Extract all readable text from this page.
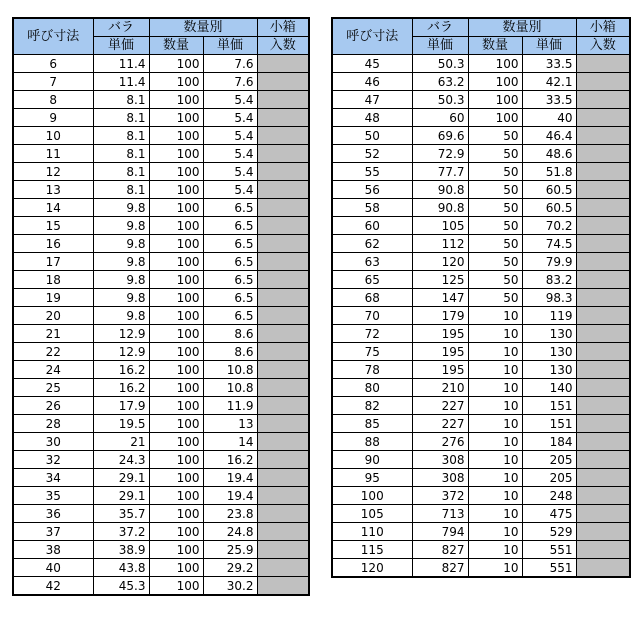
呼び寸法	バラ	数量別		小箱
	単価	数量	単価	入数
6	11.4	100	7.6	
7	11.4	100	7.6	
8	8.1	100	5.4	
9	8.1	100	5.4	
10	8.1	100	5.4	
11	8.1	100	5.4	
12	8.1	100	5.4	
13	8.1	100	5.4	
14	9.8	100	6.5	
15	9.8	100	6.5	
16	9.8	100	6.5	
17	9.8	100	6.5	
18	9.8	100	6.5	
19	9.8	100	6.5	
20	9.8	100	6.5	
21	12.9	100	8.6	
22	12.9	100	8.6	
24	16.2	100	10.8	
25	16.2	100	10.8	
26	17.9	100	11.9	
28	19.5	100	13	
30	21	100	14	
32	24.3	100	16.2	
34	29.1	100	19.4	
35	29.1	100	19.4	
36	35.7	100	23.8	
37	37.2	100	24.8	
38	38.9	100	25.9	
40	43.8	100	29.2	
42	45.3	100	30.2	
呼び寸法	バラ	数量別		小箱
	単価	数量	単価	入数
45	50.3	100	33.5	
46	63.2	100	42.1	
47	50.3	100	33.5	
48	60	100	40	
50	69.6	50	46.4	
52	72.9	50	48.6	
55	77.7	50	51.8	
56	90.8	50	60.5	
58	90.8	50	60.5	
60	105	50	70.2	
62	112	50	74.5	
63	120	50	79.9	
65	125	50	83.2	
68	147	50	98.3	
70	179	10	119	
72	195	10	130	
75	195	10	130	
78	195	10	130	
80	210	10	140	
82	227	10	151	
85	227	10	151	
88	276	10	184	
90	308	10	205	
95	308	10	205	
100	372	10	248	
105	713	10	475	
110	794	10	529	
115	827	10	551	
120	827	10	551	
